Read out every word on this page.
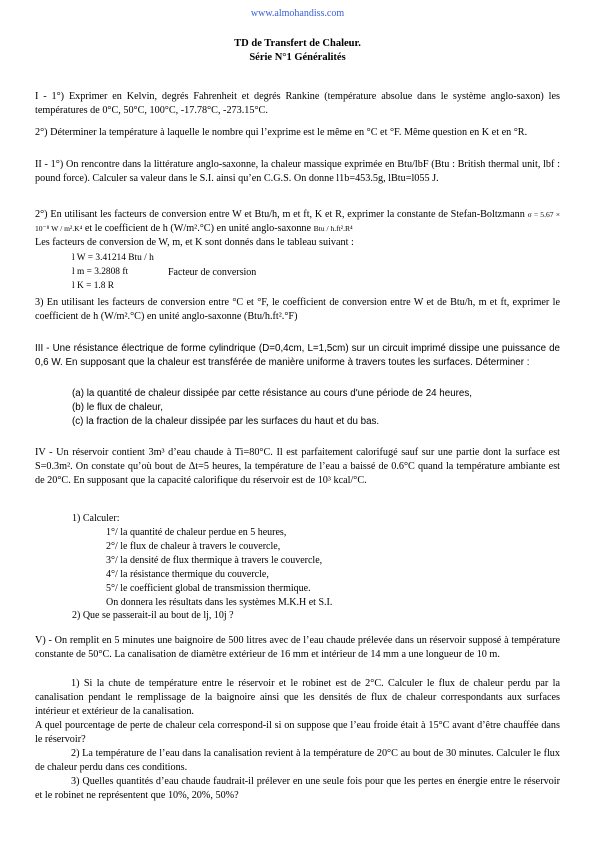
www.almohandiss.com
TD de Transfert de Chaleur.
Série N°1 Généralités

I - 1°) Exprimer en Kelvin, degrés Fahrenheit et degrés Rankine (température absolue dans le système anglo-saxon) les températures de 0°C, 50°C, 100°C, -17.78°C, -273.15°C.

2°) Déterminer la température à laquelle le nombre qui l’exprime est le même en °C et °F. Même question en K et en °R.

II - 1°) On rencontre dans la littérature anglo-saxonne, la chaleur massique exprimée en Btu/lbF (Btu : British thermal unit, lbf : pound force). Calculer sa valeur dans le S.I. ainsi qu’en C.G.S. On donne l1b=453.5g, lBtu=l055 J.

2°) En utilisant les facteurs de conversion entre W et Btu/h, m et ft, K et R, exprimer la constante de Stefan-Boltzmann σ = 5.67 × 10⁻⁸ W / m².K⁴ et le coefficient de h (W/m².°C) en unité anglo-saxonne Btu / h.ft².R⁴

Les facteurs de conversion de W, m, et K sont donnés dans le tableau suivant :

l W = 3.41214 Btu / h
l m = 3.2808 ft	Facteur de conversion
l K = 1.8 R

3) En utilisant les facteurs de conversion entre °C et °F, le coefficient de conversion entre W et de Btu/h, m et ft, exprimer le coefficient de h (W/m².°C) en unité anglo-saxonne (Btu/h.ft².°F)

III - Une résistance électrique de forme cylindrique (D=0,4cm, L=1,5cm) sur un circuit imprimé dissipe une puissance de 0,6 W. En supposant que la chaleur est transférée de manière uniforme à travers toutes les surfaces. Déterminer :

(a) la quantité de chaleur dissipée par cette résistance au cours d'une période de 24 heures,
(b) le flux de chaleur,
(c) la fraction de la chaleur dissipée par les surfaces du haut et du bas.

IV - Un réservoir contient 3m³ d’eau chaude à Ti=80°C. Il est parfaitement calorifugé sauf sur une partie dont la surface est S=0.3m². On constate qu’où bout de Δt=5 heures, la température de l’eau a baissé de 0.6°C quand la température ambiante est de 20°C. En supposant que la capacité calorifique du réservoir est de 10³ kcal/°C.

1) Calculer:
1°/ la quantité de chaleur perdue en 5 heures,
2°/ le flux de chaleur à travers le couvercle,
3°/ la densité de flux thermique à travers le couvercle,
4°/ la résistance thermique du couvercle,
5°/ le coefficient global de transmission thermique.
On donnera les résultats dans les systèmes M.K.H et S.I.
2) Que se passerait-il au bout de lj, 10j ?

V) - On remplit en 5 minutes une baignoire de 500 litres avec de l’eau chaude prélevée dans un réservoir supposé à température constante de 50°C. La canalisation de diamètre extérieur de 16 mm et intérieur de 14 mm a une longueur de 10 m.

1) Si la chute de température entre le réservoir et le robinet est de 2°C. Calculer le flux de chaleur perdu par la canalisation pendant le remplissage de la baignoire ainsi que les densités de flux de chaleur correspondants aux surfaces intérieur et extérieur de la canalisation.

A quel pourcentage de perte de chaleur cela correspond-il si on suppose que l’eau froide était à 15°C avant d’être chauffée dans le réservoir?

2) La température de l’eau dans la canalisation revient à la température de 20°C au bout de 30 minutes. Calculer le flux de chaleur perdu dans ces conditions.

3) Quelles quantités d’eau chaude faudrait-il prélever en une seule fois pour que les pertes en énergie entre le réservoir et le robinet ne représentent que 10%, 20%, 50%?
